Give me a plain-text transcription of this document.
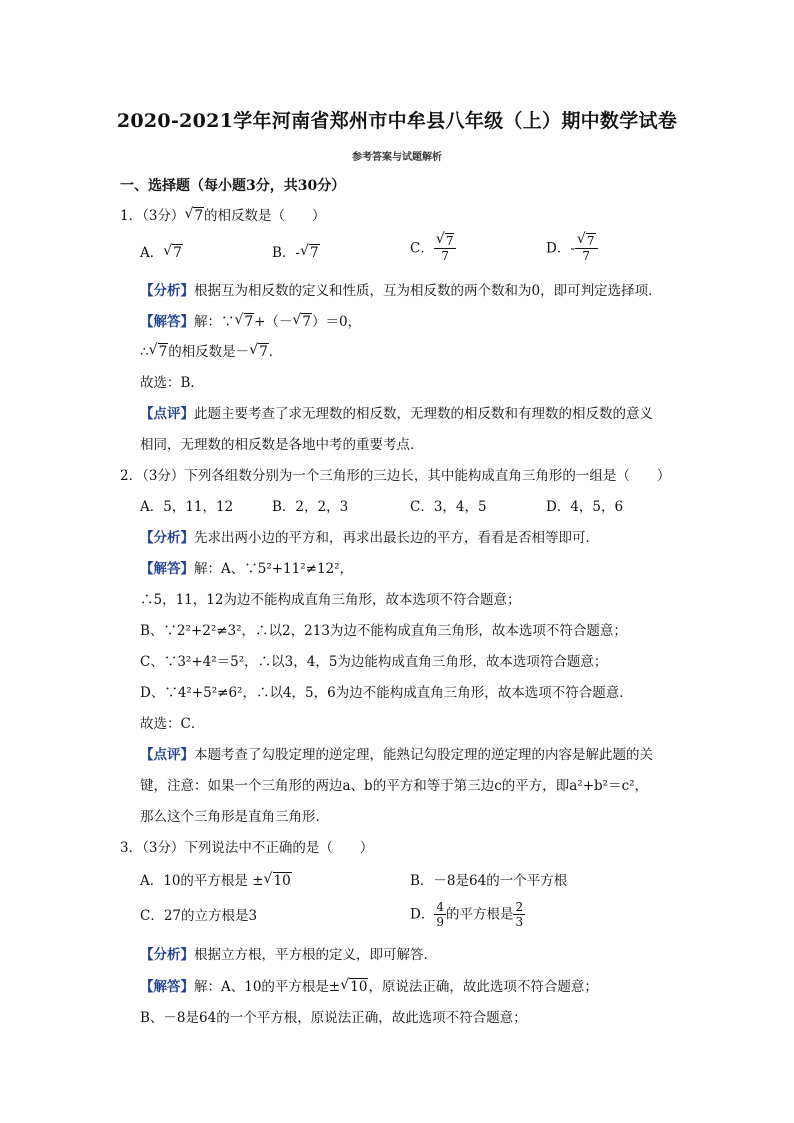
2020-2021学年河南省郑州市中牟县八年级（上）期中数学试卷
参考答案与试题解析
一、选择题（每小题3分，共30分）
1．（3分） √ 7的相反数是（　　）
A． √ 7	B．- √ 7	C． √ $\frac{7}{7}$	D．- √ $\frac{7}{7}$
【分析】根据互为相反数的定义和性质，互为相反数的两个数和为0，即可判定选择项．
【解答】解：∵ √ 7+（－ √ 7）＝0，
∴ √ 7的相反数是－ √ 7．
故选：B．
【点评】此题主要考查了求无理数的相反数，无理数的相反数和有理数的相反数的意义
相同，无理数的相反数是各地中考的重要考点．
2．（3分）下列各组数分别为一个三角形的三边长，其中能构成直角三角形的一组是（　　）
A．5，11，12	B．2，2，3	C．3，4，5	D．4，5，6
【分析】先求出两小边的平方和，再求出最长边的平方，看看是否相等即可．
【解答】解：A、∵5²+11²≠12²，
∴5，11，12为边不能构成直角三角形，故本选项不符合题意；
B、∵2²+2²≠3²，∴以2，213为边不能构成直角三角形，故本选项不符合题意；
C、∵3²+4²＝5²，∴以3，4，5为边能构成直角三角形，故本选项符合题意；
D、∵4²+5²≠6²，∴以4，5，6为边不能构成直角三角形，故本选项不符合题意．
故选：C．
【点评】本题考查了勾股定理的逆定理，能熟记勾股定理的逆定理的内容是解此题的关
键，注意：如果一个三角形的两边a、b的平方和等于第三边c的平方，即a²+b²＝c²，
那么这个三角形是直角三角形．
3．（3分）下列说法中不正确的是（　　）
A．10的平方根是 ± √ 10	B．－8是64的一个平方根
C．27的立方根是3	D． $\frac{4}{9}$ 的平方根是 $\frac{2}{3}$
【分析】根据立方根，平方根的定义，即可解答．
【解答】解：A、10的平方根是± √ 10，原说法正确，故此选项不符合题意；
B、－8是64的一个平方根，原说法正确，故此选项不符合题意；
